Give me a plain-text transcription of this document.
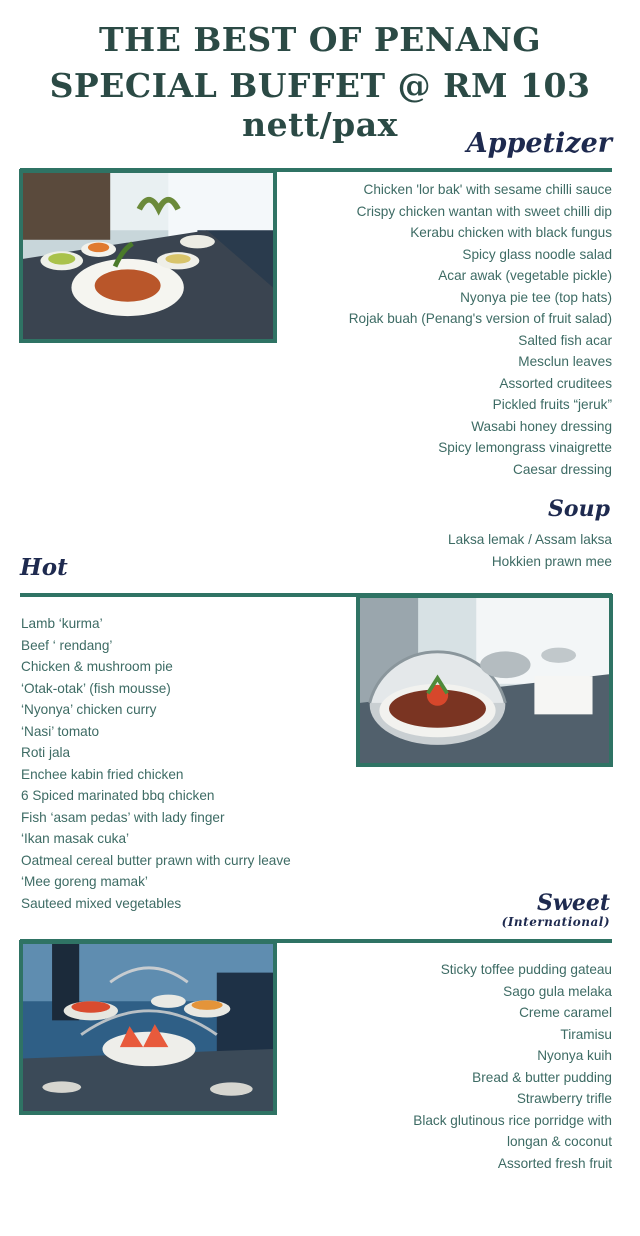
THE BEST OF PENANG
SPECIAL BUFFET @ RM 103 nett/pax	Appetizer
Chicken 'lor bak' with sesame chilli sauce
Crispy chicken wantan with sweet chilli dip
Kerabu chicken with black fungus
Spicy glass noodle salad
Acar awak (vegetable pickle)
Nyonya pie tee (top hats)
Rojak buah (Penang's version of fruit salad)
Salted fish acar
Mesclun leaves
Assorted cruditees
Pickled fruits “jeruk”
Wasabi honey dressing
Spicy lemongrass vinaigrette
Caesar dressing
Soup
Laksa lemak / Assam laksa
Hokkien prawn mee
Hot
Lamb ‘kurma’
Beef ‘ rendang’
Chicken & mushroom pie
‘Otak-otak’ (fish mousse)
‘Nyonya’ chicken curry
‘Nasi’ tomato
Roti jala
Enchee kabin fried chicken
6 Spiced marinated bbq chicken
Fish ‘asam pedas’ with lady finger
‘Ikan masak cuka’
Oatmeal cereal butter prawn with curry leave
‘Mee goreng mamak’
Sauteed mixed vegetables	Sweet
(International)
Sticky toffee pudding gateau
Sago gula melaka
Creme caramel
Tiramisu
Nyonya kuih
Bread & butter pudding
Strawberry trifle
Black glutinous rice porridge with
longan & coconut
Assorted fresh fruit
